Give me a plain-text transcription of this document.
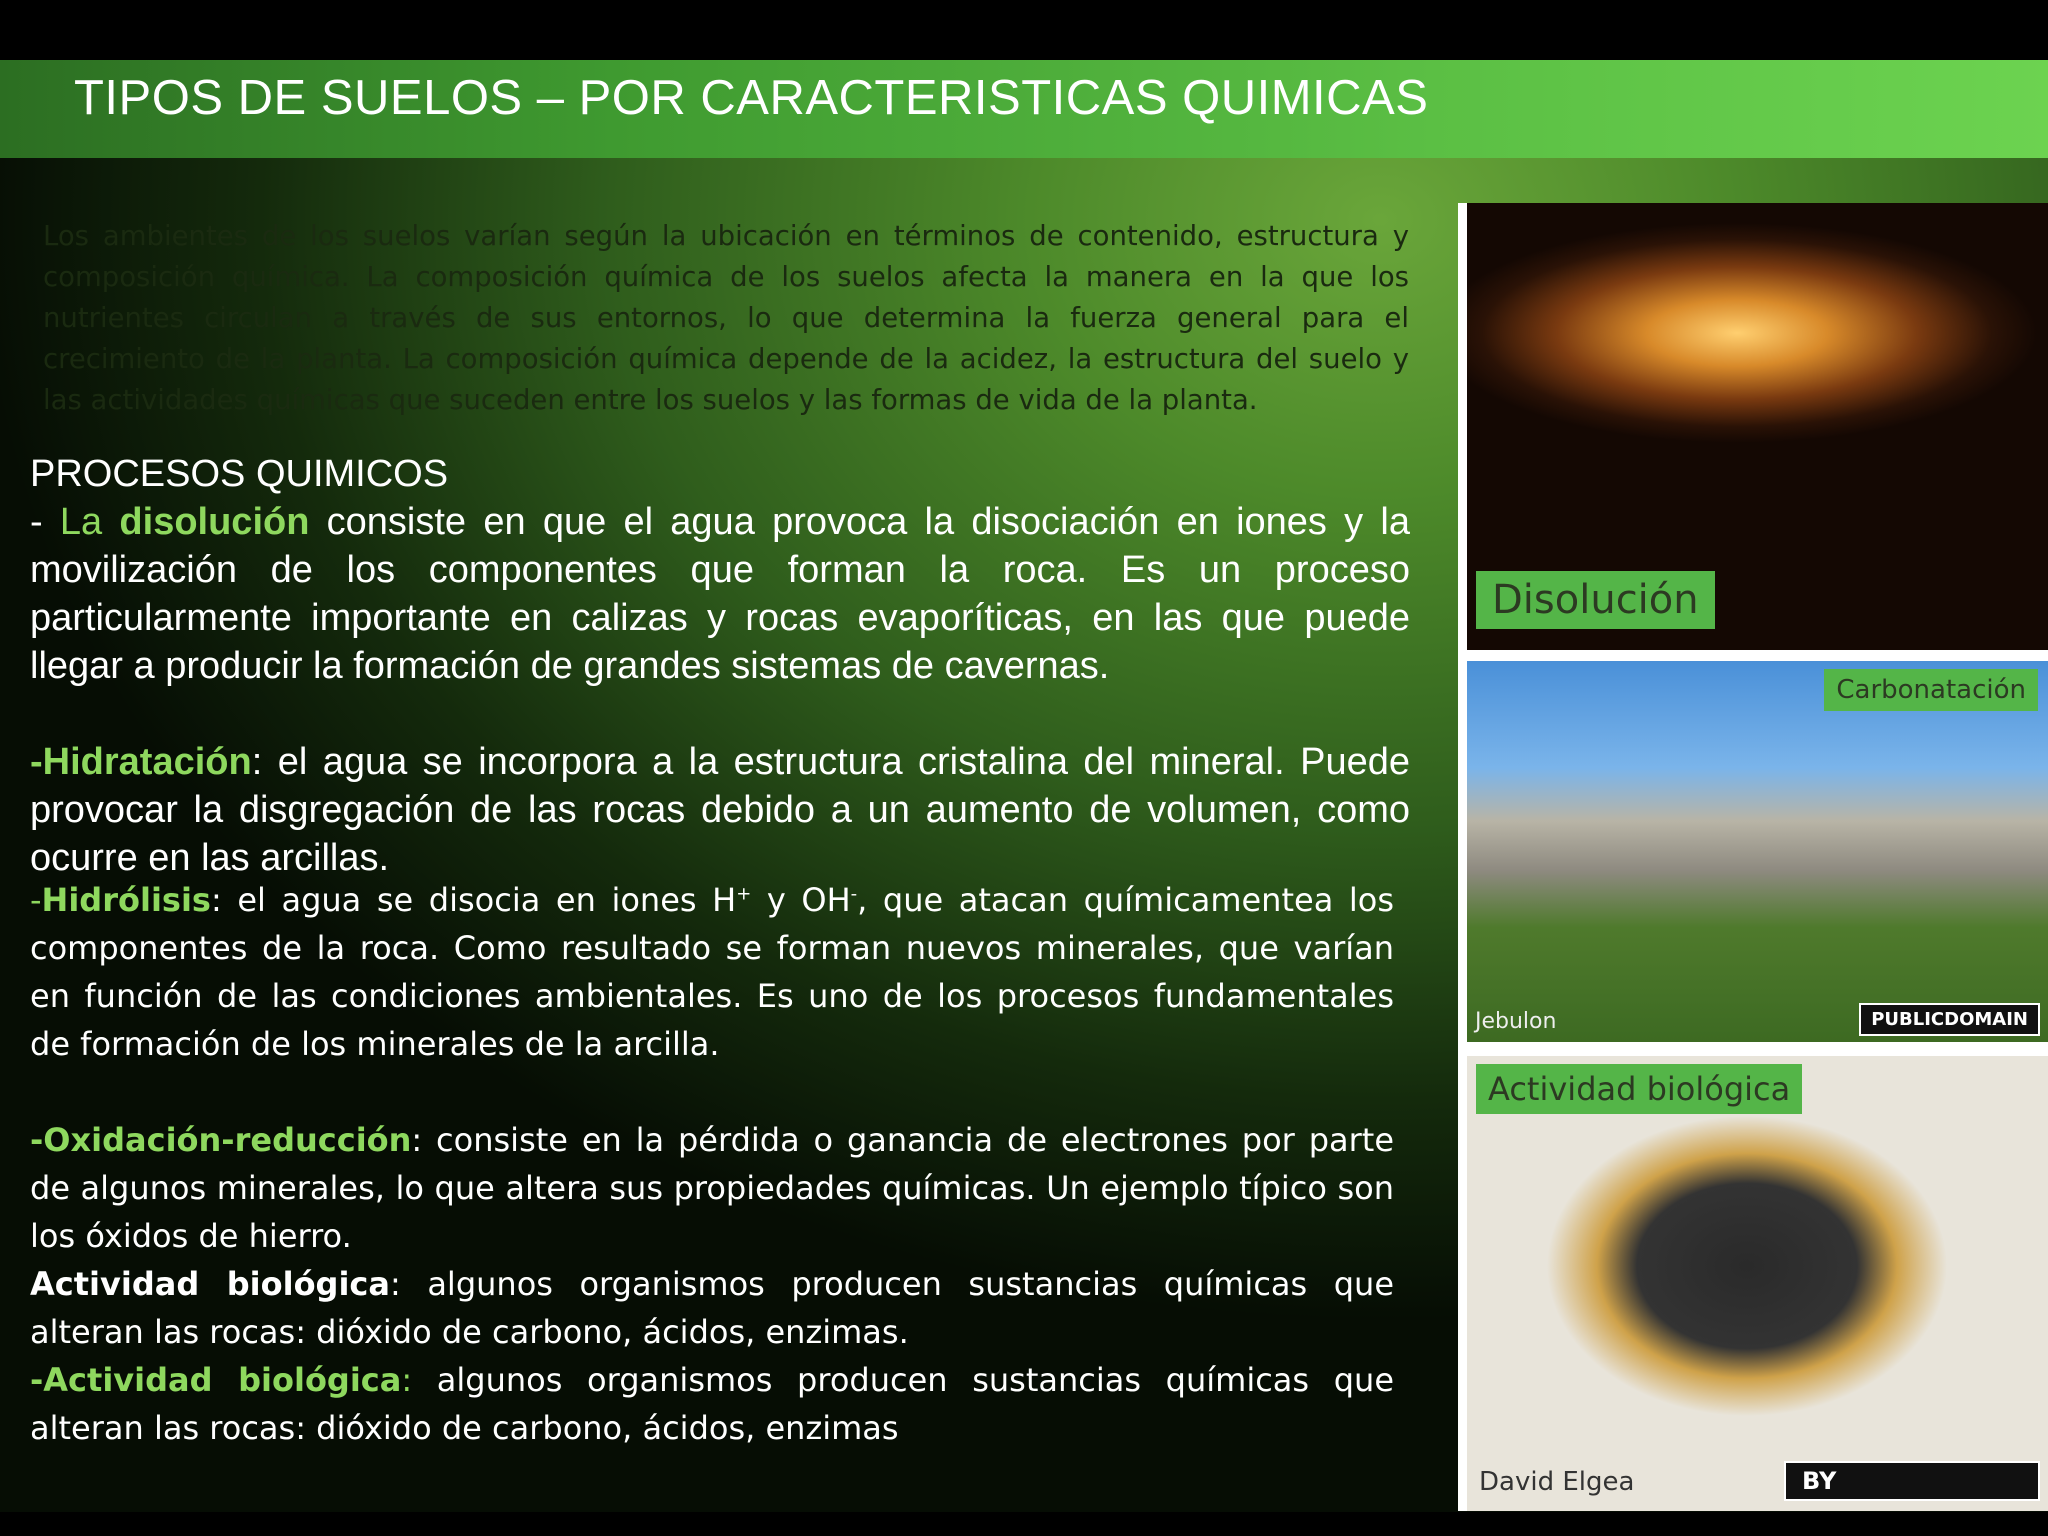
TIPOS DE SUELOS – POR CARACTERISTICAS QUIMICAS
Los ambientes de los suelos varían según la ubicación en términos de contenido, estructura y composición química. La composición química de los suelos afecta la manera en la que los nutrientes circulan a través de sus entornos, lo que determina la fuerza general para el crecimiento de la planta. La composición química depende de la acidez, la estructura del suelo y las actividades químicas que suceden entre los suelos y las formas de vida de la planta.

PROCESOS QUIMICOS

- La disolución consiste en que el agua provoca la disociación en iones y la movilización de los componentes que forman la roca. Es un proceso particularmente importante en calizas y rocas evaporíticas, en las que puede llegar a producir la formación de grandes sistemas de cavernas.

-Hidratación: el agua se incorpora a la estructura cristalina del mineral. Puede provocar la disgregación de las rocas debido a un aumento de volumen, como ocurre en las arcillas.

-Hidrólisis: el agua se disocia en iones H+ y OH-, que atacan químicamentea los componentes de la roca. Como resultado se forman nuevos minerales, que varían en función de las condiciones ambientales. Es uno de los procesos fundamentales de formación de los minerales de la arcilla.

-Oxidación-reducción: consiste en la pérdida o ganancia de electrones por parte de algunos minerales, lo que altera sus propiedades químicas. Un ejemplo típico son los óxidos de hierro.

Actividad biológica: algunos organismos producen sustancias químicas que alteran las rocas: dióxido de carbono, ácidos, enzimas.

-Actividad biológica: algunos organismos producen sustancias químicas que alteran las rocas: dióxido de carbono, ácidos, enzimas

Disolución
Carbonatación
Jebulon	PUBLICDOMAIN
Actividad biológica
David Elgea	BY
